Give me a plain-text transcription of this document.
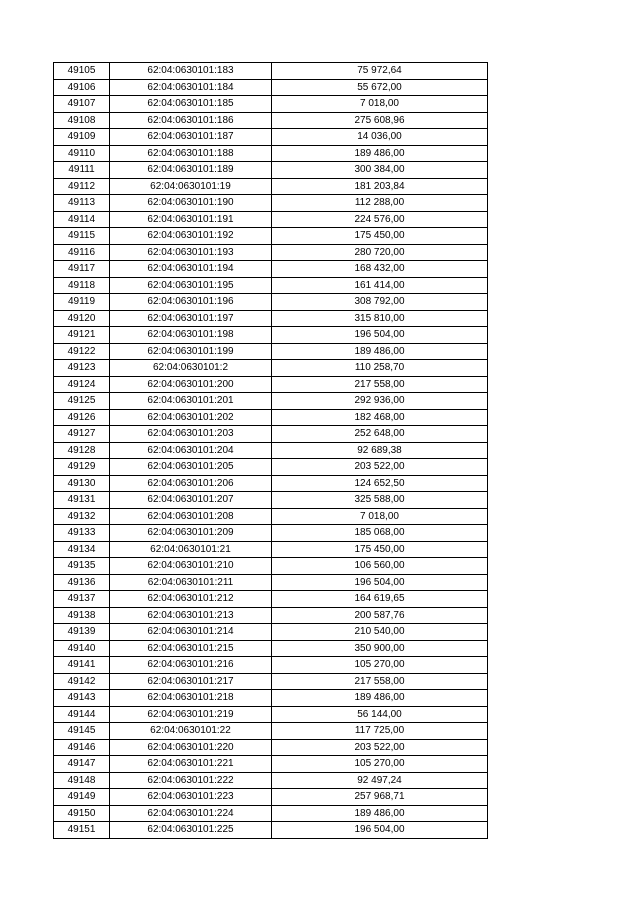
49105	62:04:0630101:183	75 972,64
49106	62:04:0630101:184	55 672,00
49107	62:04:0630101:185	7 018,00
49108	62:04:0630101:186	275 608,96
49109	62:04:0630101:187	14 036,00
49110	62:04:0630101:188	189 486,00
49111	62:04:0630101:189	300 384,00
49112	62:04:0630101:19	181 203,84
49113	62:04:0630101:190	112 288,00
49114	62:04:0630101:191	224 576,00
49115	62:04:0630101:192	175 450,00
49116	62:04:0630101:193	280 720,00
49117	62:04:0630101:194	168 432,00
49118	62:04:0630101:195	161 414,00
49119	62:04:0630101:196	308 792,00
49120	62:04:0630101:197	315 810,00
49121	62:04:0630101:198	196 504,00
49122	62:04:0630101:199	189 486,00
49123	62:04:0630101:2	110 258,70
49124	62:04:0630101:200	217 558,00
49125	62:04:0630101:201	292 936,00
49126	62:04:0630101:202	182 468,00
49127	62:04:0630101:203	252 648,00
49128	62:04:0630101:204	92 689,38
49129	62:04:0630101:205	203 522,00
49130	62:04:0630101:206	124 652,50
49131	62:04:0630101:207	325 588,00
49132	62:04:0630101:208	7 018,00
49133	62:04:0630101:209	185 068,00
49134	62:04:0630101:21	175 450,00
49135	62:04:0630101:210	106 560,00
49136	62:04:0630101:211	196 504,00
49137	62:04:0630101:212	164 619,65
49138	62:04:0630101:213	200 587,76
49139	62:04:0630101:214	210 540,00
49140	62:04:0630101:215	350 900,00
49141	62:04:0630101:216	105 270,00
49142	62:04:0630101:217	217 558,00
49143	62:04:0630101:218	189 486,00
49144	62:04:0630101:219	56 144,00
49145	62:04:0630101:22	117 725,00
49146	62:04:0630101:220	203 522,00
49147	62:04:0630101:221	105 270,00
49148	62:04:0630101:222	92 497,24
49149	62:04:0630101:223	257 968,71
49150	62:04:0630101:224	189 486,00
49151	62:04:0630101:225	196 504,00
